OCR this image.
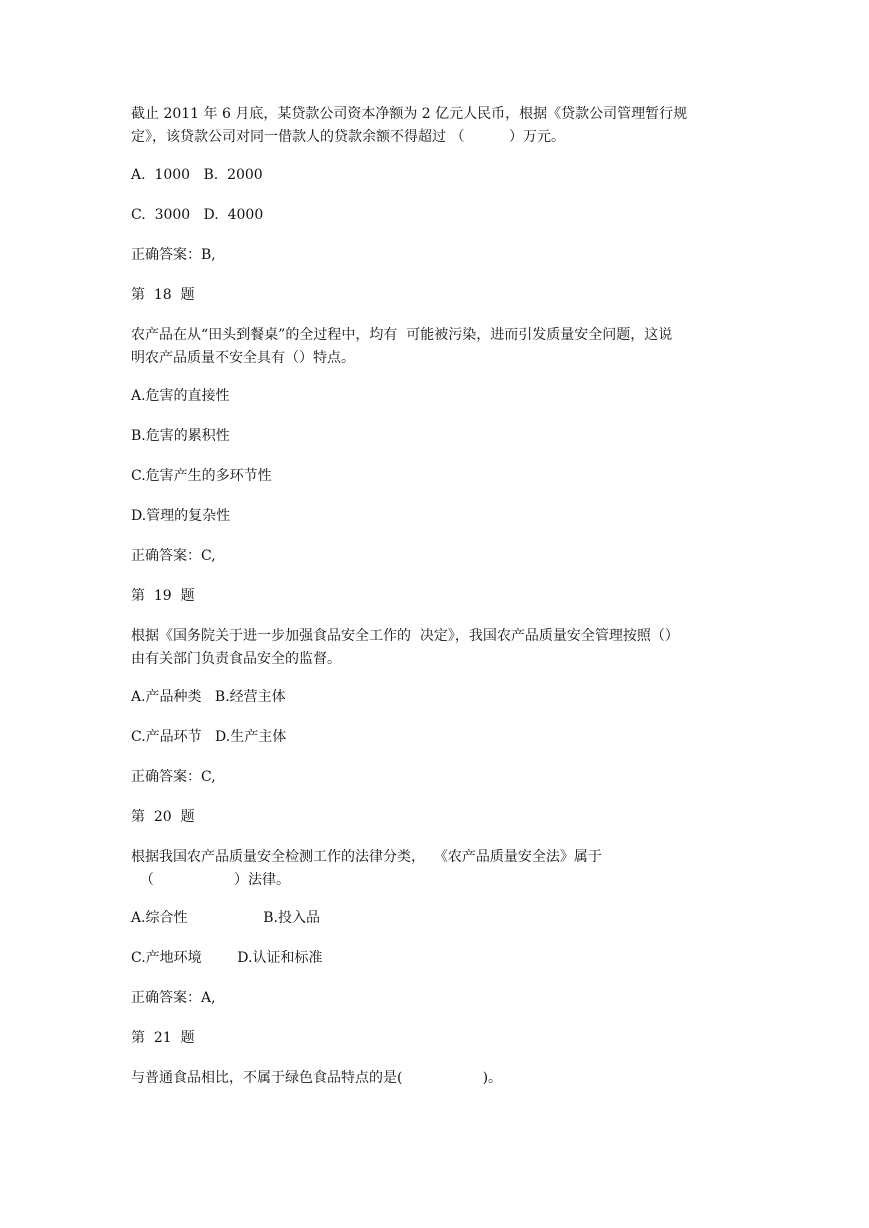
截止 2011 年 6 月底，某贷款公司资本净额为 2 亿元人民币，根据《贷款公司管理暂行规
定》，该贷款公司对同一借款人的贷款余额不得超过 （          ）万元。
A.  1000   B.  2000
C.  3000   D.  4000
正确答案：B,
第  18  题
农产品在从“田头到餐桌”的全过程中，均有  可能被污染，进而引发质量安全问题，这说
明农产品质量不安全具有（）特点。
A.危害的直接性
B.危害的累积性
C.危害产生的多环节性
D.管理的复杂性
正确答案：C,
第  19  题
根据《国务院关于进一步加强食品安全工作的  决定》，我国农产品质量安全管理按照（）
由有关部门负责食品安全的监督。
A.产品种类   B.经营主体
C.产品环节   D.生产主体
正确答案：C,
第  20  题
根据我国农产品质量安全检测工作的法律分类，  《农产品质量安全法》属于
（                  ）法律。
A.综合性                 B.投入品
C.产地环境        D.认证和标准
正确答案：A,
第  21  题
与普通食品相比，不属于绿色食品特点的是(                  )。
